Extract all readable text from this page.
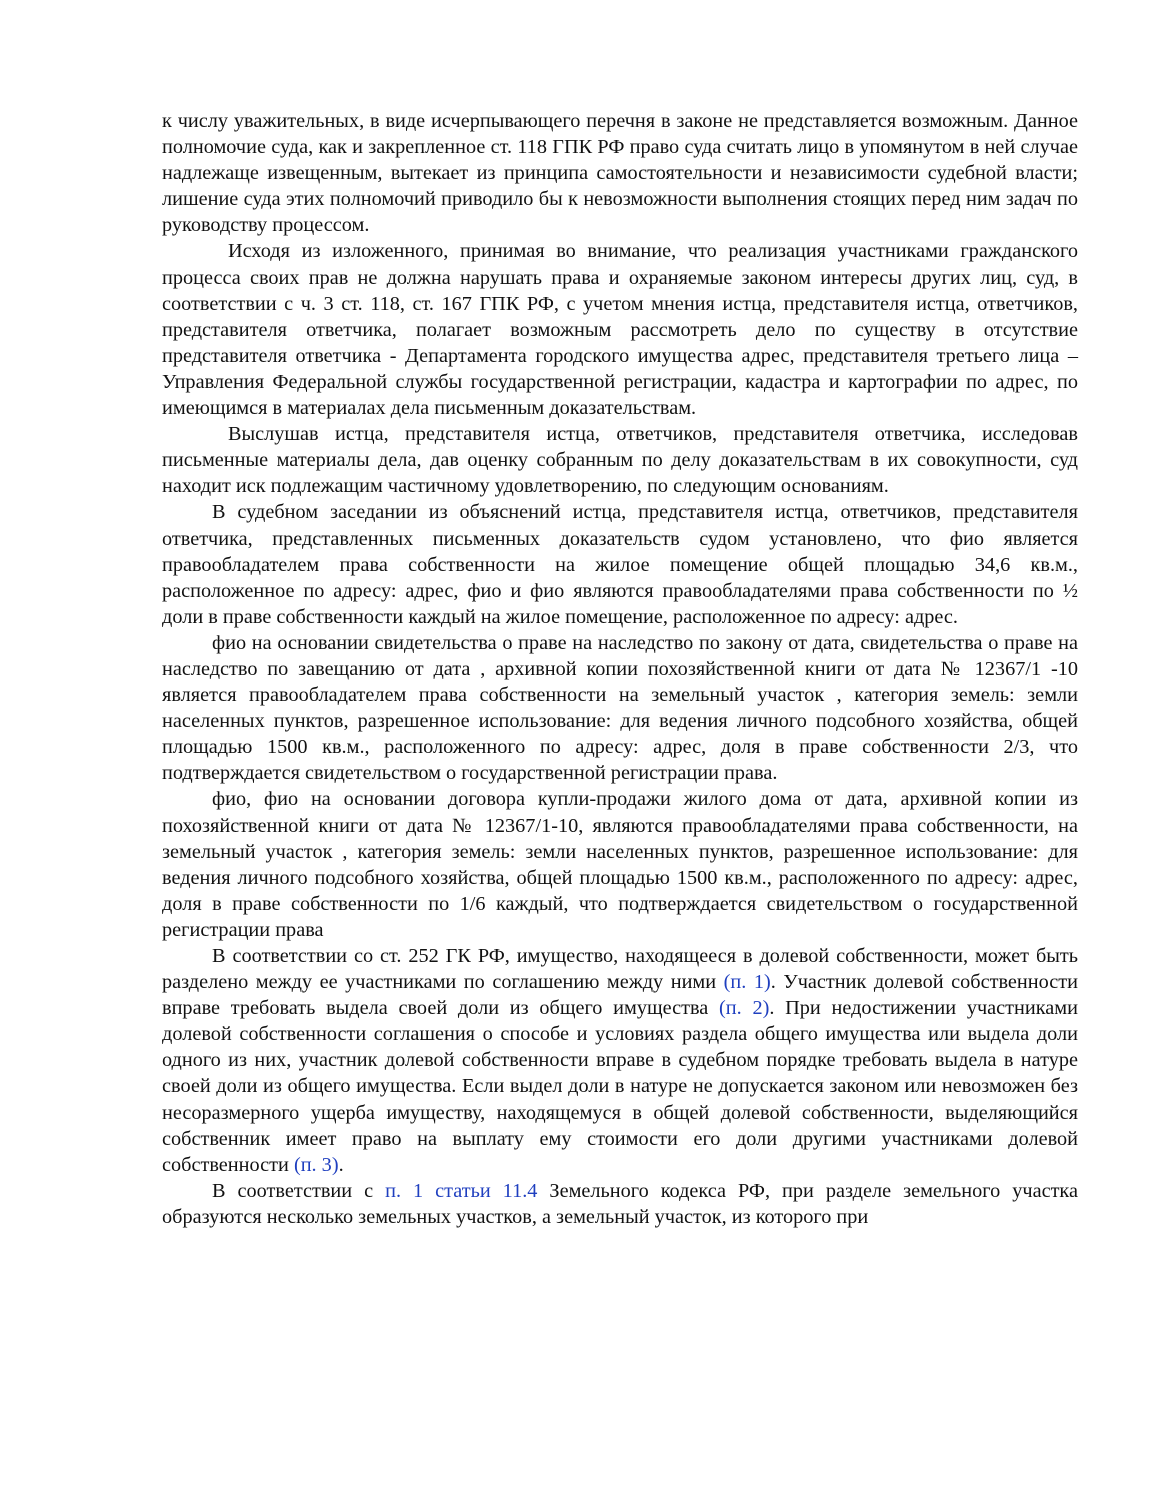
к числу уважительных, в виде исчерпывающего перечня в законе не представляется возможным. Данное полномочие суда, как и закрепленное ст. 118 ГПК РФ право суда считать лицо в упомянутом в ней случае надлежаще извещенным, вытекает из принципа самостоятельности и независимости судебной власти; лишение суда этих полномочий приводило бы к невозможности выполнения стоящих перед ним задач по руководству процессом.

Исходя из изложенного, принимая во внимание, что реализация участниками гражданского процесса своих прав не должна нарушать права и охраняемые законом интересы других лиц, суд, в соответствии с ч. 3 ст. 118, ст. 167 ГПК РФ, с учетом мнения истца, представителя истца, ответчиков, представителя ответчика, полагает возможным рассмотреть дело по существу в отсутствие представителя ответчика - Департамента городского имущества адрес, представителя третьего лица – Управления Федеральной службы государственной регистрации, кадастра и картографии по адрес, по имеющимся в материалах дела письменным доказательствам.

Выслушав истца, представителя истца, ответчиков, представителя ответчика, исследовав письменные материалы дела, дав оценку собранным по делу доказательствам в их совокупности, суд находит иск подлежащим частичному удовлетворению, по следующим основаниям.

В судебном заседании из объяснений истца, представителя истца, ответчиков, представителя ответчика, представленных письменных доказательств судом установлено, что фио является правообладателем права собственности на жилое помещение общей площадью 34,6 кв.м., расположенное по адресу: адрес, фио и фио являются правообладателями права собственности по ½ доли в праве собственности каждый на жилое помещение, расположенное по адресу: адрес.

фио на основании свидетельства о праве на наследство по закону от дата, свидетельства о праве на наследство по завещанию от дата , архивной копии похозяйственной книги от дата № 12367/1 -10 является правообладателем права собственности на земельный участок , категория земель: земли населенных пунктов, разрешенное использование: для ведения личного подсобного хозяйства, общей площадью 1500 кв.м., расположенного по адресу: адрес, доля в праве собственности 2/3, что подтверждается свидетельством о государственной регистрации права.

фио, фио на основании договора купли-продажи жилого дома от дата, архивной копии из похозяйственной книги от дата № 12367/1-10, являются правообладателями права собственности, на земельный участок , категория земель: земли населенных пунктов, разрешенное использование: для ведения личного подсобного хозяйства, общей площадью 1500 кв.м., расположенного по адресу: адрес, доля в праве собственности по 1/6 каждый, что подтверждается свидетельством о государственной регистрации права

В соответствии со ст. 252 ГК РФ, имущество, находящееся в долевой собственности, может быть разделено между ее участниками по соглашению между ними (п. 1). Участник долевой собственности вправе требовать выдела своей доли из общего имущества (п. 2). При недостижении участниками долевой собственности соглашения о способе и условиях раздела общего имущества или выдела доли одного из них, участник долевой собственности вправе в судебном порядке требовать выдела в натуре своей доли из общего имущества. Если выдел доли в натуре не допускается законом или невозможен без несоразмерного ущерба имуществу, находящемуся в общей долевой собственности, выделяющийся собственник имеет право на выплату ему стоимости его доли другими участниками долевой собственности (п. 3).

В соответствии с п. 1 статьи 11.4 Земельного кодекса РФ, при разделе земельного участка образуются несколько земельных участков, а земельный участок, из которого при
